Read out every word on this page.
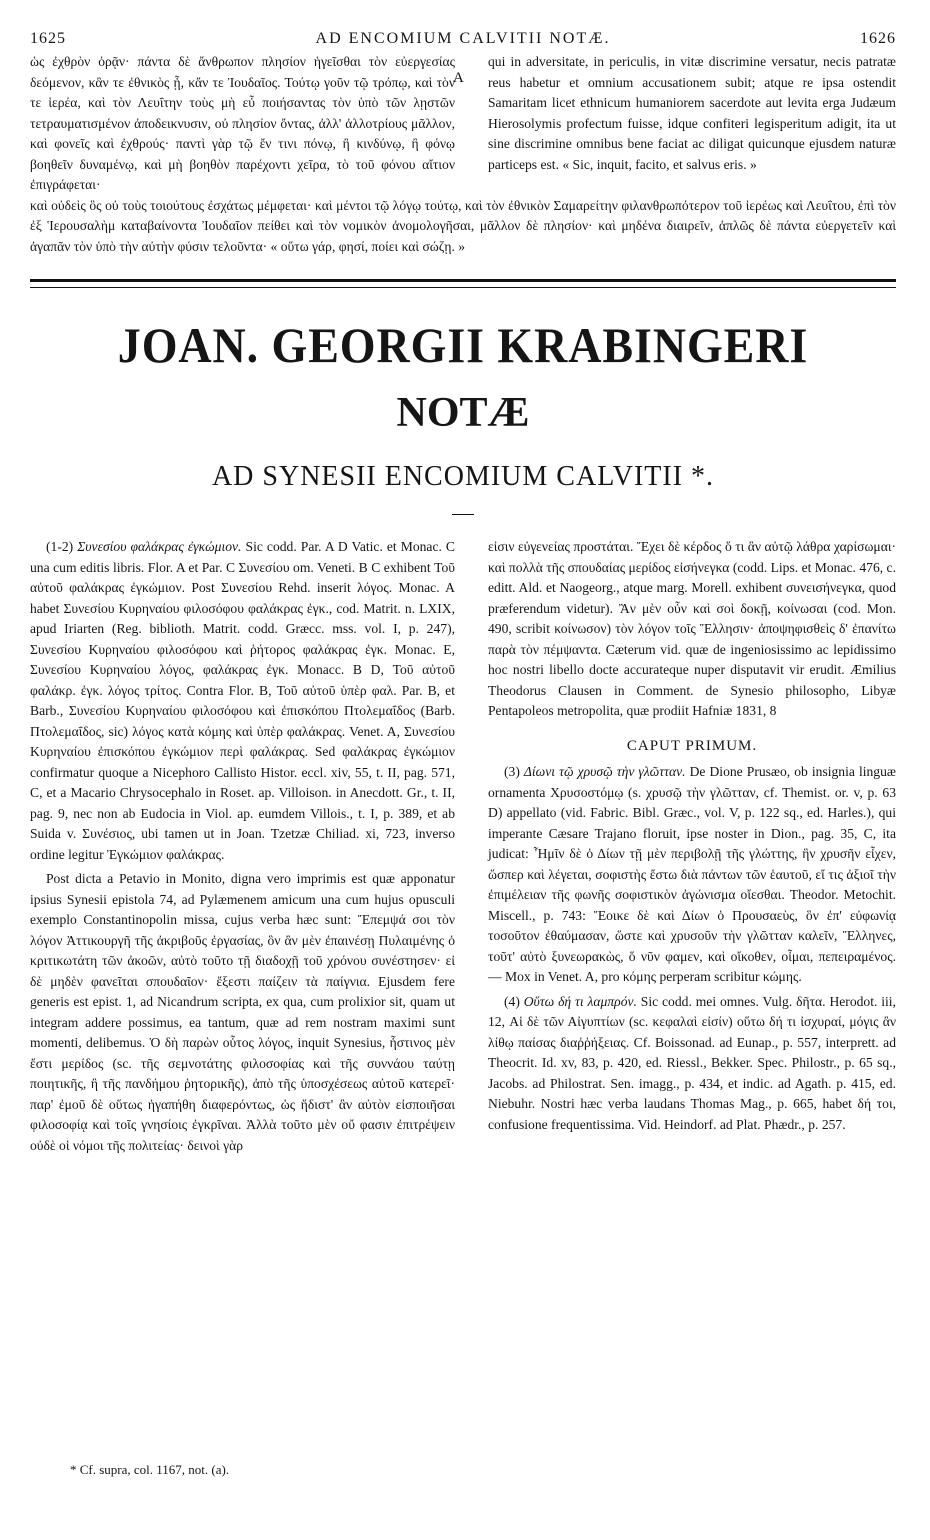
1625	AD ENCOMIUM CALVITII NOTÆ.	1626
A

ὡς ἐχθρὸν ὁρᾷν· πάντα δὲ ἄνθρωπον πλησίον ἡγεῖσθαι τὸν εὐεργεσίας δεόμενον, κἂν τε ἐθνικὸς ᾖ, κἄν τε Ἰουδαῖος. Τούτῳ γοῦν τῷ τρόπῳ, καὶ τὸν τε ἱερέα, καὶ τὸν Λευΐτην τοὺς μὴ εὖ ποιήσαντας τὸν ὑπὸ τῶν λῃστῶν τετραυματισμένον ἀποδεικνυσιν, οὐ πλησίον ὄντας, ἀλλ' ἀλλοτρίους μᾶλλον, καὶ φονεῖς καὶ ἐχθρούς· παντὶ γὰρ τῷ ἔν τινι πόνῳ, ἢ κινδύνῳ, ἢ φόνῳ βοηθεῖν δυναμένῳ, καὶ μὴ βοηθὸν παρέχοντι χεῖρα, τὸ τοῦ φόνου αἴτιον ἐπιγράφεται·

qui in adversitate, in periculis, in vitæ discrimine versatur, necis patratæ reus habetur et omnium accusationem subit; atque re ipsa ostendit Samaritam licet ethnicum humaniorem sacerdote aut levita erga Judæum Hierosolymis profectum fuisse, idque confiteri legisperitum adigit, ita ut sine discrimine omnibus bene faciat ac diligat quicunque ejusdem naturæ particeps est. « Sic, inquit, facito, et salvus eris. »

καὶ οὐδεὶς ὃς οὐ τοὺς τοιούτους ἐσχάτως μέμφεται· καὶ μέντοι τῷ λόγῳ τούτῳ, καὶ τὸν ἐθνικὸν Σαμαρείτην φιλανθρωπότερον τοῦ ἱερέως καὶ Λευΐτου, ἐπὶ τὸν ἐξ Ἱερουσαλὴμ καταβαίνοντα Ἰουδαῖον πείθει καὶ τὸν νομικὸν ἀνομολογῆσαι, μᾶλλον δὲ πλησίον· καὶ μηδένα διαιρεῖν, ἁπλῶς δὲ πάντα εὐεργετεῖν καὶ ἀγαπᾶν τὸν ὑπὸ τὴν αὐτὴν φύσιν τελοῦντα· « οὕτω γάρ, φησί, ποίει καὶ σώζῃ. »

JOAN. GEORGII KRABINGERI
NOTÆ
AD SYNESII ENCOMIUM CALVITII *.

(1-2) Συνεσίου φαλάκρας ἐγκώμιον. Sic codd. Par. A D Vatic. et Monac. C una cum editis libris. Flor. A et Par. C Συνεσίου om. Veneti. B C exhibent Τοῦ αὐτοῦ φαλάκρας ἐγκώμιον. Post Συνεσίου Rehd. inserit λόγος. Monac. A habet Συνεσίου Κυρηναίου φιλοσόφου φαλάκρας ἐγκ., cod. Matrit. n. LXIX, apud Iriarten (Reg. biblioth. Matrit. codd. Græcc. mss. vol. I, p. 247), Συνεσίου Κυρηναίου φιλοσόφου καὶ ῥήτορος φαλάκρας ἐγκ. Monac. E, Συνεσίου Κυρηναίου λόγος, φαλάκρας ἐγκ. Monacc. B D, Τοῦ αὐτοῦ φαλάκρ. ἐγκ. λόγος τρίτος. Contra Flor. B, Τοῦ αὐτοῦ ὑπὲρ φαλ. Par. B, et Barb., Συνεσίου Κυρηναίου φιλοσόφου καὶ ἐπισκόπου Πτολεμαΐδος (Barb. Πτολεμαΐδος, sic) λόγος κατὰ κόμης καὶ ὑπὲρ φαλάκρας. Venet. A, Συνεσίου Κυρηναίου ἐπισκόπου ἐγκώμιον περὶ φαλάκρας. Sed φαλάκρας ἐγκώμιον confirmatur quoque a Nicephoro Callisto Histor. eccl. xiv, 55, t. II, pag. 571, C, et a Macario Chrysocephalo in Roset. ap. Villoison. in Anecdott. Gr., t. II, pag. 9, nec non ab Eudocia in Viol. ap. eumdem Villois., t. I, p. 389, et ab Suida v. Συνέσιος, ubi tamen ut in Joan. Tzetzæ Chiliad. xi, 723, inverso ordine legitur Ἐγκώμιον φαλάκρας.

Post dicta a Petavio in Monito, digna vero imprimis est quæ apponatur ipsius Synesii epistola 74, ad Pylæmenem amicum una cum hujus opusculi exemplo Constantinopolin missa, cujus verba hæc sunt: Ἔπεμψά σοι τὸν λόγον Ἀττικουργῆ τῆς ἀκριβοῦς ἐργασίας, ὃν ἂν μὲν ἐπαινέσῃ Πυλαιμένης ὁ κριτικωτάτη τῶν ἀκοῶν, αὐτὸ τοῦτο τῇ διαδοχῇ τοῦ χρόνου συνέστησεν· εἰ δὲ μηδὲν φανεῖται σπουδαῖον· ἔξεστι παίζειν τὰ παίγνια. Ejusdem fere generis est epist. 1, ad Nicandrum scripta, ex qua, cum prolixior sit, quam ut integram addere possimus, ea tantum, quæ ad rem nostram maximi sunt momenti, delibemus. Ὁ δὴ παρὼν οὗτος λόγος, inquit Synesius, ἧστινος μὲν ἔστι μερίδος (sc. τῆς σεμνοτάτης φιλοσοφίας καὶ τῆς συννάου ταύτῃ ποιητικῆς, ἢ τῆς πανδήμου ῥητορικῆς), ἀπὸ τῆς ὑποσχέσεως αὐτοῦ κατερεῖ· παρ' ἐμοῦ δὲ οὕτως ἠγαπήθη διαφερόντως, ὡς ἥδιστ' ἂν αὐτὸν εἰσποιῆσαι φιλοσοφίᾳ καὶ τοῖς γνησίοις ἐγκρῖναι. Ἀλλὰ τοῦτο μὲν οὔ φασιν ἐπιτρέψειν οὐδὲ οἱ νόμοι τῆς πολιτείας· δεινοὶ γὰρ

εἰσιν εὐγενείας προστάται. Ἔχει δὲ κέρδος ὅ τι ἂν αὐτῷ λάθρα χαρίσωμαι· καὶ πολλὰ τῆς σπουδαίας μερίδος εἰσήνεγκα (codd. Lips. et Monac. 476, c. editt. Ald. et Naogeorg., atque marg. Morell. exhibent συνεισήνεγκα, quod præferendum videtur). Ἂν μὲν οὖν καὶ σοὶ δοκῇ, κοίνωσαι (cod. Mon. 490, scribit κοίνωσον) τὸν λόγον τοῖς Ἕλλησιν· ἀποψηφισθεὶς δ' ἐπανίτω παρὰ τὸν πέμψαντα. Cæterum vid. quæ de ingeniosissimo ac lepidissimo hoc nostri libello docte accurateque nuper disputavit vir erudit. Æmilius Theodorus Clausen in Comment. de Synesio philosopho, Libyæ Pentapoleos metropolita, quæ prodiit Hafniæ 1831, 8

CAPUT PRIMUM.

(3) Δίωνι τῷ χρυσῷ τὴν γλῶτταν. De Dione Prusæo, ob insignia linguæ ornamenta Χρυσοστόμῳ (s. χρυσῷ τὴν γλῶτταν, cf. Themist. or. v, p. 63 D) appellato (vid. Fabric. Bibl. Græc., vol. V, p. 122 sq., ed. Harles.), qui imperante Cæsare Trajano floruit, ipse noster in Dion., pag. 35, C, ita judicat: Ἦμῖν δὲ ὁ Δίων τῇ μὲν περιβολῇ τῆς γλώττης, ἣν χρυσῆν εἶχεν, ὥσπερ καὶ λέγεται, σοφιστὴς ἔστω διὰ πάντων τῶν ἑαυτοῦ, εἴ τις ἀξιοῖ τὴν ἐπιμέλειαν τῆς φωνῆς σοφιστικὸν ἀγώνισμα οἴεσθαι. Theodor. Metochit. Miscell., p. 743: Ἔοικε δὲ καὶ Δίων ὁ Προυσαεὺς, ὃν ἐπ' εὐφωνίᾳ τοσοῦτον ἐθαύμασαν, ὥστε καὶ χρυσοῦν τὴν γλῶτταν καλεῖν, Ἕλληνες, τοῦτ' αὐτὸ ξυνεωρακὼς, ὅ νῦν φαμεν, καὶ οἴκοθεν, οἶμαι, πεπειραμένος. — Mox in Venet. A, pro κόμης perperam scribitur κώμης.

(4) Οὕτω δή τι λαμπρόν. Sic codd. mei omnes. Vulg. δῆτα. Herodot. iii, 12, Αἱ δὲ τῶν Αἰγυπτίων (sc. κεφαλαὶ εἰσίν) οὕτω δή τι ἰσχυραί, μόγις ἂν λίθῳ παίσας διαῤῥήξειας. Cf. Boissonad. ad Eunap., p. 557, interprett. ad Theocrit. Id. xv, 83, p. 420, ed. Riessl., Bekker. Spec. Philostr., p. 65 sq., Jacobs. ad Philostrat. Sen. imagg., p. 434, et indic. ad Agath. p. 415, ed. Niebuhr. Nostri hæc verba laudans Thomas Mag., p. 665, habet δή τοι, confusione frequentissima. Vid. Heindorf. ad Plat. Phædr., p. 257.

* Cf. supra, col. 1167, not. (a).
